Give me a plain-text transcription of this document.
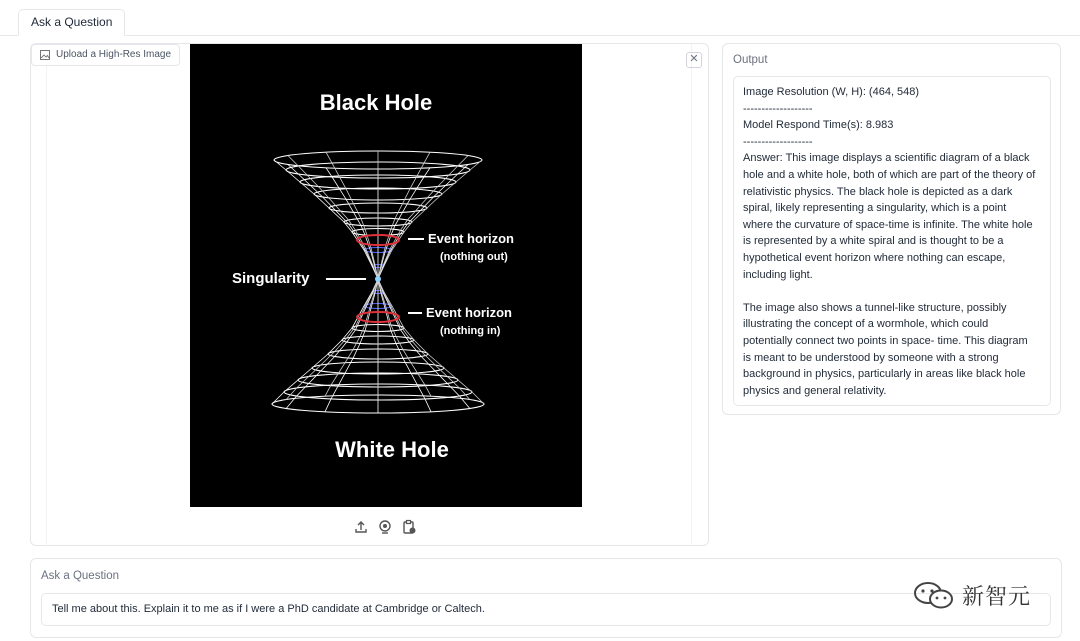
Ask a Question
Black Hole
White Hole
Event horizon
(nothing out)
Singularity
Event horizon
(nothing in)
Upload a High-Res Image	✕	Output
Image Resolution (W, H): (464, 548)
-------------------
Model Respond Time(s): 8.983
-------------------
Answer: This image displays a scientific diagram of a black
hole and a white hole, both of which are part of the theory of
relativistic physics. The black hole is depicted as a dark
spiral, likely representing a singularity, which is a point
where the curvature of space-time is infinite. The white hole
is represented by a white spiral and is thought to be a
hypothetical event horizon where nothing can escape,
including light.
The image also shows a tunnel-like structure, possibly
illustrating the concept of a wormhole, which could
potentially connect two points in space- time. This diagram
is meant to be understood by someone with a strong
background in physics, particularly in areas like black hole
physics and general relativity.
Ask a Question
Tell me about this. Explain it to me as if I were a PhD candidate at Cambridge or Caltech.	新智元
